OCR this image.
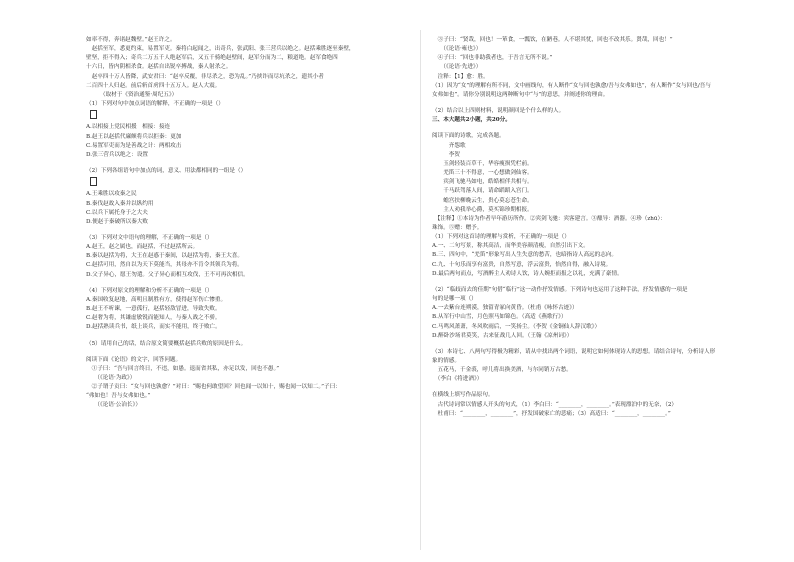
如率不得，奔诸赵魏壁。”赵王许之。
　赵括至军，悉更约束，易置军吏。秦将白起闻之，出奇兵，张武阳、张三营兵以绝之。赵括乘胜逐至秦壁，
壁坚，拒不得入；奇兵二万五千人绝赵军后，又五千骑绝赵壁间，赵军分而为二，粮道绝。赵军食绝四
十六日，皆内阴相杀食。赵括自出锐卒搏战，秦人射杀之。
　赵卒四十万人皆降，武安君曰：“赵卒反覆，非尽杀之，恐为乱。”乃挟诈而尽坑杀之，遗其小者
二百四十人归赵。前后斩首虏四十五万人。赵人大震。
　　　（取材于《资治通鉴·周纪五》）
（1）下列对句中加点词语的解释，不正确的一项是（）
A.以相接上党民相援　相接：接连
B.赵王以赵括代廉颇将兵以拒秦：更加
C.易置军吏而为是善战之计：两相攻击
D.张三营兵以绝之：设置
（2）下列各组语句中加点的词，意义、用法都相同的一组是（）
A.王乘胜以攻秦之民
B.秦伐赵故入秦并以纵约用
C.以兵下属托身于之大夫
D.便赵于秦破所以秦大败
（3）下列对文中语句的理解，不正确的一项是（）
A.赵王，赵之属也，而赵括，不过赵括所云。
B.秦以赵括为将，大王在赵惑于秦间，以赵括为将，秦王大喜。
C.赵括可用，然自以为天下莫能当，其母亦不肯令其领兵为将。
D.父子异心，愿王勿遣。父子异心而相互攻伐，王不可再次相信。
（4）下列对原文的理解和分析不正确的一项是（）
A.秦国收复赵地，高明且制胜有方，使得赵军伤亡惨重。
B.赵王不听谏，一意孤行，赵括轻敌冒进，导致失败。
C.赵奢为将，其谦虚敏锐而能知人，与秦人战之不骄。
D.赵括熟读兵书，纸上谈兵，而实不能用，终于败亡。
（5）请用自己的话，结合原文简要概括赵括兵败的原因是什么。
阅读下面《论语》的文字，回答问题。
　①子曰：“吾与回言终日，不违，如愚。退而省其私，亦足以发，回也不愚。”
　　（《论语·为政》）
　②子谓子贡曰：“女与回也孰愈？”对曰：“赐也何敢望回？回也闻一以知十，赐也闻一以知二。”子曰：
“弗如也！吾与女弗如也。”
　　（《论语·公冶长》）
　③子曰：“贤哉，回也！一箪食，一瓢饮，在陋巷。人不堪其忧，回也不改其乐。贤哉，回也！”
　　（《论语·雍也》）
　④子曰：“回也非助我者也，于吾言无所不说。”
　　（《论语·先进》）
　注释：【1】愈：胜。
（1）因为“女”的理解有所不同，文中画线句，有人断作“女与回也孰愈/吾与女弗如也”，有人断作“女与回也/吾与
女弗如也”。请你分别说明这两种断句中“与”的意思，并阐述你的理由。
（2）结合以上四则材料，说明颜回是个什么样的人。
三、本大题共2小题，共20分。
阅读下面的诗歌，完成各题。
　　　齐怨歌
　　　李贺
　　玉剑轻装百草千，华容瘦损凭栏前。
　　羌笛三十不得意，一心想做剑仙客。
　　宾剑飞驰马如电，皓皓相伴共相与。
　　千马跃驾落人间，请命蹈蹈入宫门。
　　蟾宫扶柳晚云生，贵心莫忘苍生命。
　　主人劝我举心爵，莫买锦珍期相报。
　【注释】①本诗为作者早年游历所作。②宾剑飞驰：宾客建言。③酿导：酒器。④珍（zhū）：
珠饰。⑤赠：赠予。
（1）下列对这首诗的理解与赏析，不正确的一项是（）
A.一、二句写景，称其高洁，而华美容颜清瘦，自然引出下文。
B.三、四句中，“羌笛”形象写出人生失意的愁苦，也暗指诗人高远的志向。
C.九、十句乐而享有富贵，自然写意，浮云富贵，怡然自得，融入诗境。
D.最后两句而点，写酒醉主人劝诗人饮，诗人婉拒而报之以礼，充满了豪情。
（2）“临歧而去的佳期”句借“临行”这一动作抒发情感。下列诗句也运用了这种手法，抒发情感的一项是
句的是哪一项（）
A.一去紫台连朔漠，独留青冢向黄昏。（杜甫《咏怀古迹》）
B.从军行中山雪，月色照马如锦色。（高适《燕歌行》）
C.马鸣风萧萧，冬风吹雨后，一笑扬尘。（李贺《金铜仙人辞汉歌》）
D.醉卧沙场君莫笑，古来征战几人回。（王翰《凉州词》）
（3）本诗七、八两句写得极为精彩，请从中找出两个词语，说明它如何体现诗人的思想。请结合诗句，分析诗人形
象的情感。
　五花马，千金裘，呼儿将出换美酒，与尔同销万古愁。
　（李白《将进酒》）
在横线上填写作品原句。
　古代诗词常以情感人开头的句式，（1）李白曰：“________，________。”表现漂泊中的无奈，（2）
　杜甫曰：“________，________”，抒发国破家亡的悲痛；（3）高适曰：“________，________。”
